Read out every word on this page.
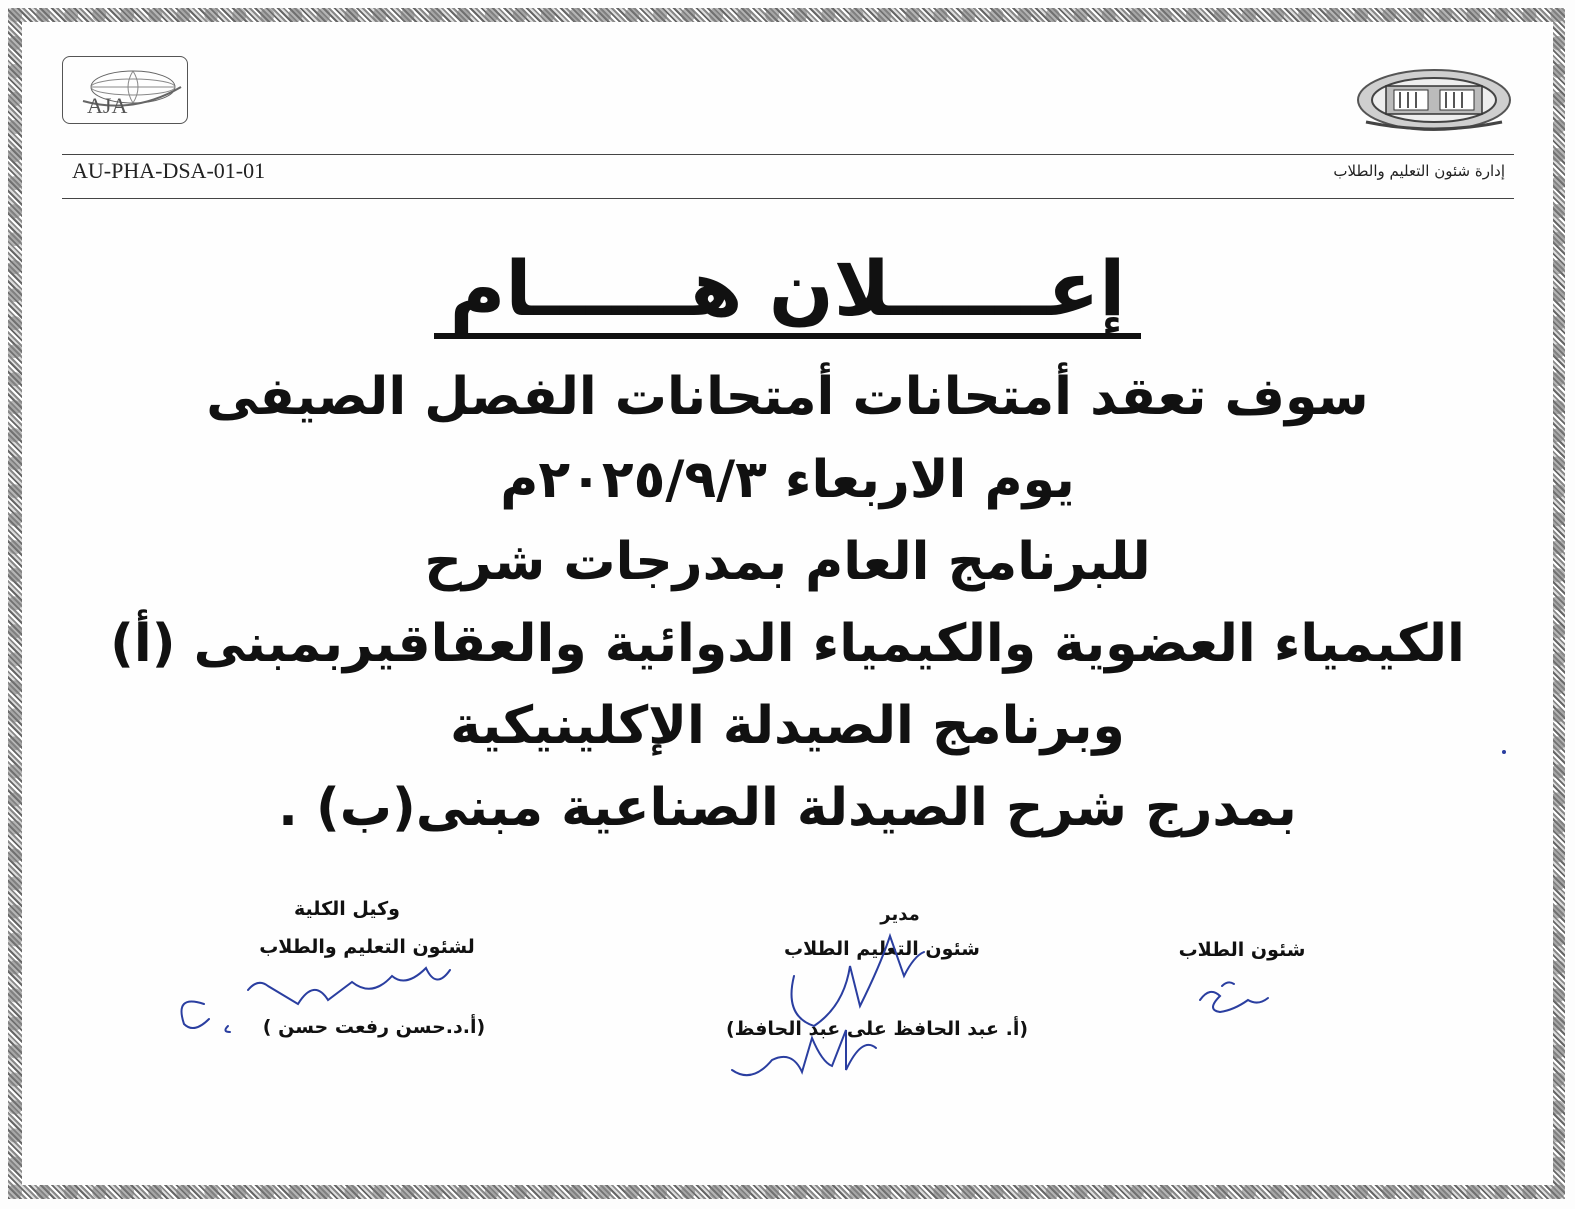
AJA
AU-PHA-DSA-01-01	إدارة شئون التعليم والطلاب
إعــــــلان هــــــام
سوف تعقد أمتحانات أمتحانات الفصل الصيفى
يوم الاربعاء ٢٠٢٥/٩/٣م
للبرنامج العام بمدرجات شرح
الكيمياء العضوية والكيمياء الدوائية والعقاقيربمبنى (أ)
وبرنامج الصيدلة الإكلينيكية
بمدرج شرح الصيدلة الصناعية مبنى(ب) .
وكيل الكلية
لشئون التعليم والطلاب
(أ.د.حسن رفعت حسن )
مدير
شئون التعليم الطلاب
(أ. عبد الحافظ على عبد الحافظ)
شئون الطلاب
